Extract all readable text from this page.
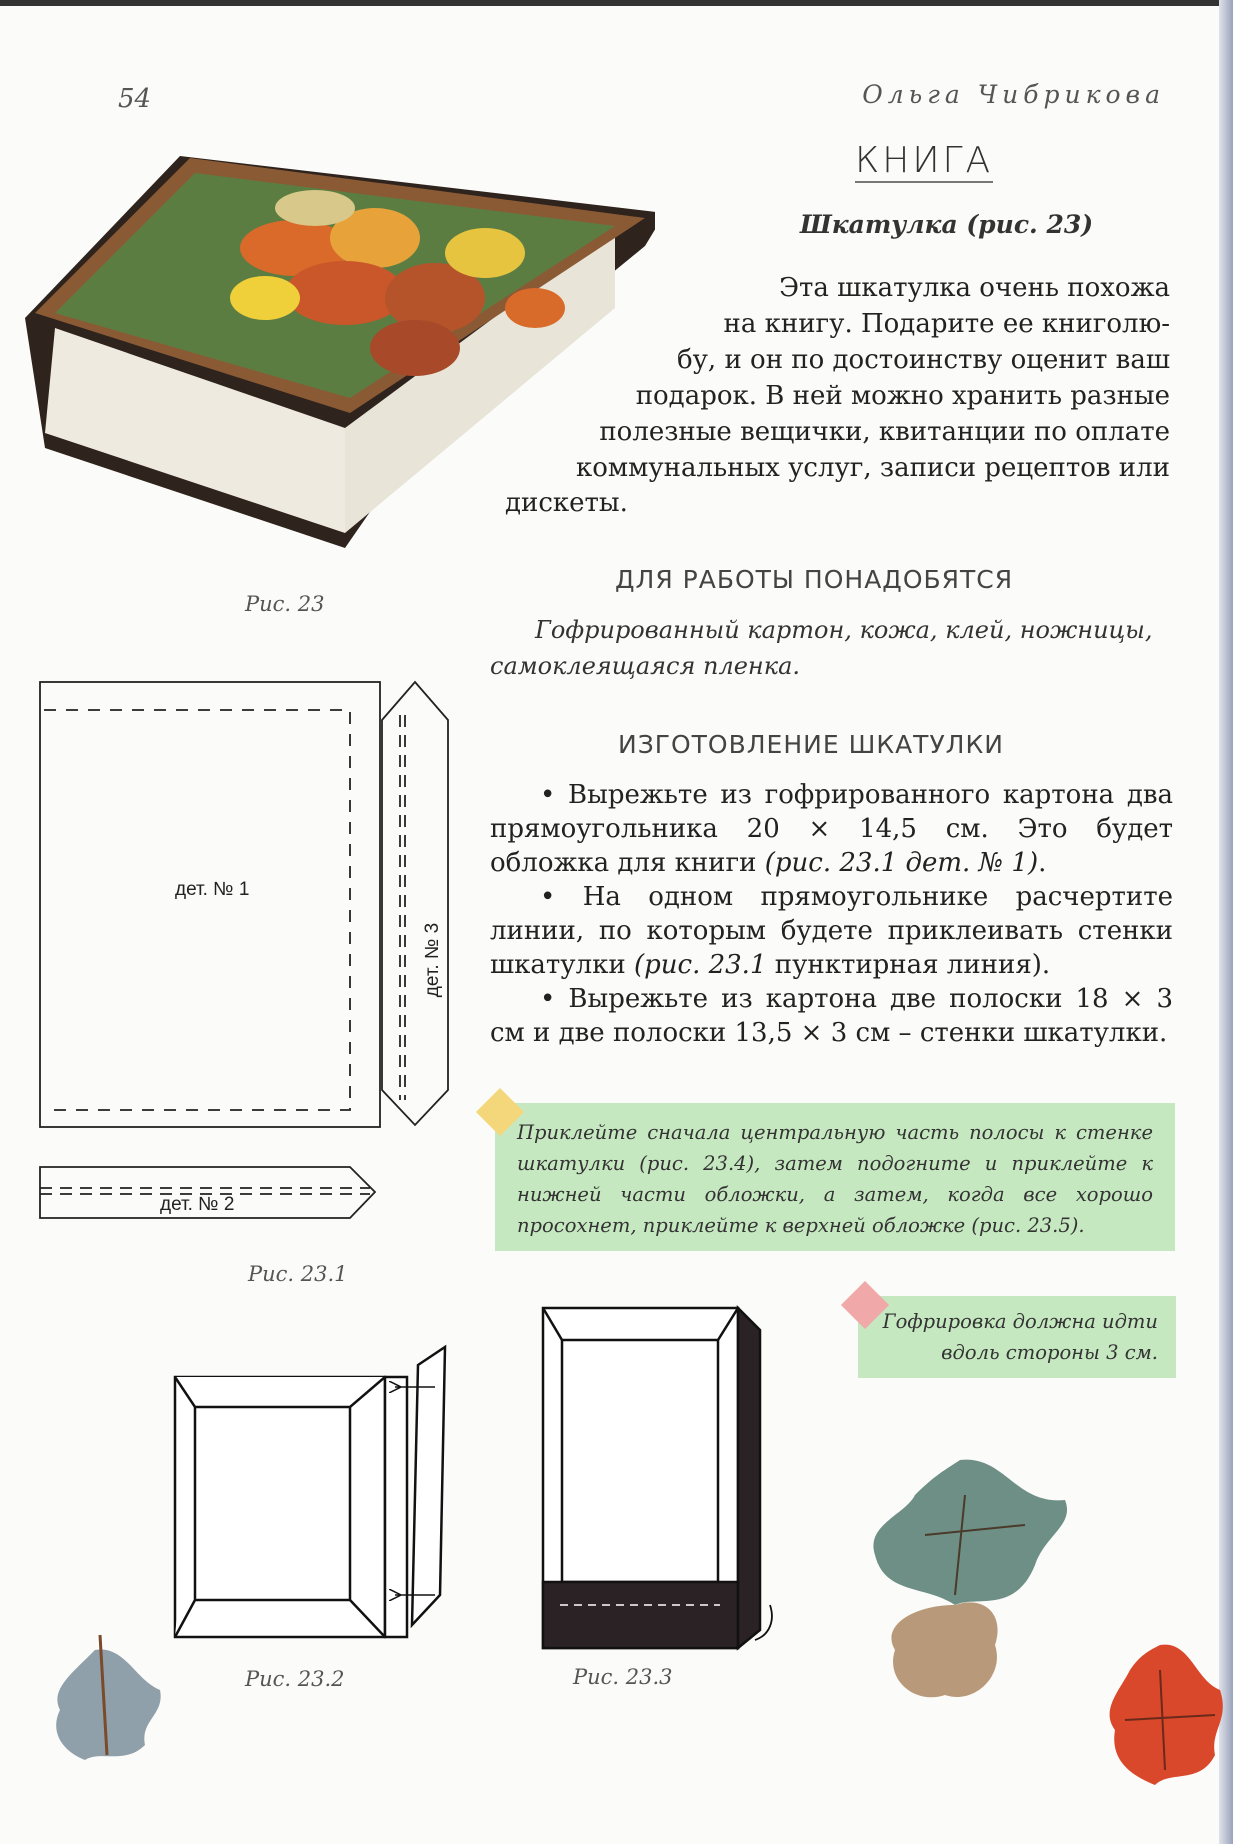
54	Ольга Чибрикова
Рис. 23
КНИГА
Шкатулка (рис. 23)
Эта шкатулка очень похожа
на книгу. Подарите ее книголю-
бу, и он по достоинству оценит ваш
подарок. В ней можно хранить разные
полезные вещички, квитанции по оплате
коммунальных услуг, записи рецептов или
дискеты.
ДЛЯ РАБОТЫ ПОНАДОБЯТСЯ
Гофрированный картон, кожа, клей, ножницы, самоклеящаяся пленка.
ИЗГОТОВЛЕНИЕ ШКАТУЛКИ

• Вырежьте из гофрированного картона два прямоугольника 20 × 14,5 см. Это будет обложка для книги (рис. 23.1 дет. № 1).

• На одном прямоугольнике расчертите линии, по которым будете приклеивать стенки шкатулки (рис. 23.1 пунктирная линия).

• Вырежьте из картона две полоски 18 × 3 см и две полоски 13,5 × 3 см – стенки шкатулки.

Приклейте сначала центральную часть полосы к стенке шкатулки (рис. 23.4), затем подогните и приклейте к нижней части обложки, а затем, когда все хорошо просохнет, приклейте к верхней обложке (рис. 23.5).
Гофрировка должна идти вдоль стороны 3 см.
дет. № 1
дет. № 2
дет. № 3
Рис. 23.1
Рис. 23.2	Рис. 23.3
